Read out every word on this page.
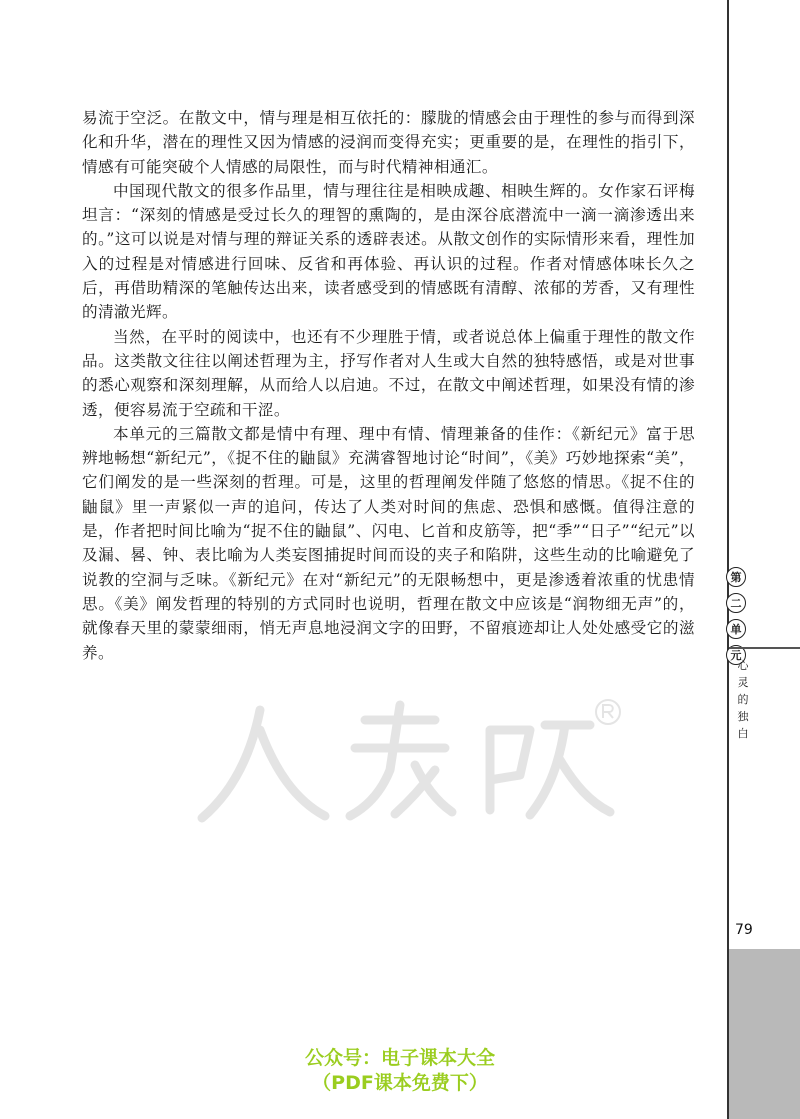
易流于空泛。在散文中，情与理是相互依托的：朦胧的情感会由于理性的参与而得到深化和升华，潜在的理性又因为情感的浸润而变得充实；更重要的是，在理性的指引下，情感有可能突破个人情感的局限性，而与时代精神相通汇。

中国现代散文的很多作品里，情与理往往是相映成趣、相映生辉的。女作家石评梅坦言：“深刻的情感是受过长久的理智的熏陶的，是由深谷底潜流中一滴一滴渗透出来的。”这可以说是对情与理的辩证关系的透辟表述。从散文创作的实际情形来看，理性加入的过程是对情感进行回味、反省和再体验、再认识的过程。作者对情感体味长久之后，再借助精深的笔触传达出来，读者感受到的情感既有清醇、浓郁的芳香，又有理性的清澈光辉。

当然，在平时的阅读中，也还有不少理胜于情，或者说总体上偏重于理性的散文作品。这类散文往往以阐述哲理为主，抒写作者对人生或大自然的独特感悟，或是对世事的悉心观察和深刻理解，从而给人以启迪。不过，在散文中阐述哲理，如果没有情的渗透，便容易流于空疏和干涩。

本单元的三篇散文都是情中有理、理中有情、情理兼备的佳作：《新纪元》富于思辨地畅想“新纪元”，《捉不住的鼬鼠》充满睿智地讨论“时间”，《美》巧妙地探索“美”，它们阐发的是一些深刻的哲理。可是，这里的哲理阐发伴随了悠悠的情思。《捉不住的鼬鼠》里一声紧似一声的追问，传达了人类对时间的焦虑、恐惧和感慨。值得注意的是，作者把时间比喻为“捉不住的鼬鼠”、闪电、匕首和皮筋等，把“季”“日子”“纪元”以及漏、晷、钟、表比喻为人类妄图捕捉时间而设的夹子和陷阱，这些生动的比喻避免了说教的空洞与乏味。《新纪元》在对“新纪元”的无限畅想中，更是渗透着浓重的忧患情思。《美》阐发哲理的特别的方式同时也说明，哲理在散文中应该是“润物细无声”的，就像春天里的蒙蒙细雨，悄无声息地浸润文字的田野，不留痕迹却让人处处感受它的滋养。

第
二
单
元
心灵的独白
79
公众号：电子课本大全
（PDF课本免费下）
